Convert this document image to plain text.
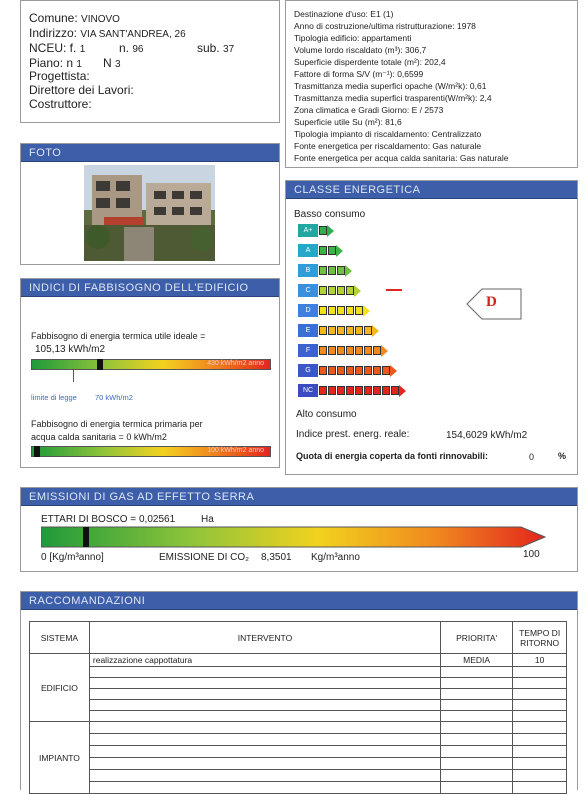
Comune: VINOVO
Indirizzo: VIA SANT'ANDREA, 26
NCEU: f. 1	n. 96	sub. 37
Piano: n 1 N 3
Progettista:
Direttore dei Lavori:
Costruttore:
Destinazione d'uso: E1 (1)
Anno di costruzione/ultima ristrutturazione: 1978
Tipologia edificio: appartamenti
Volume lordo riscaldato (m³): 306,7
Superficie disperdente totale (m²): 202,4
Fattore di forma S/V (m⁻¹): 0,6599
Trasmittanza media superfici opache (W/m²k): 0,61
Trasmittanza media superfici trasparenti(W/m²k): 2,4
Zona climatica e Gradi Giorno: E / 2573
Superficie utile Su (m²): 81,6
Tipologia impianto di riscaldamento: Centralizzato
Fonte energetica per riscaldamento: Gas naturale
Fonte energetica per acqua calda sanitaria: Gas naturale
FOTO
INDICI DI FABBISOGNO DELL'EDIFICIO
Fabbisogno di energia termica utile ideale =
105,13 kWh/m2
430 kWh/m2 anno
limite di legge 70 kWh/m2
Fabbisogno di energia termica primaria per
acqua calda sanitaria = 0 kWh/m2
100 kWh/m2 anno
CLASSE ENERGETICA
Basso consumo
A+
A
B
C
D
E
F
G
NC
D
Alto consumo
Indice prest. energ. reale:	154,6029 kWh/m2
Quota di energia coperta da fonti rinnovabili:	0	%
EMISSIONI DI GAS AD EFFETTO SERRA
ETTARI DI BOSCO = 0,02561	Ha
0 [Kg/m³anno]	EMISSIONE DI CO₂ 8,3501 Kg/m³anno	100
RACCOMANDAZIONI
SISTEMA	INTERVENTO	PRIORITA'	TEMPO DI
RITORNO

EDIFICIO	realizzazione cappottatura	MEDIA	10

IMPIANTO			
